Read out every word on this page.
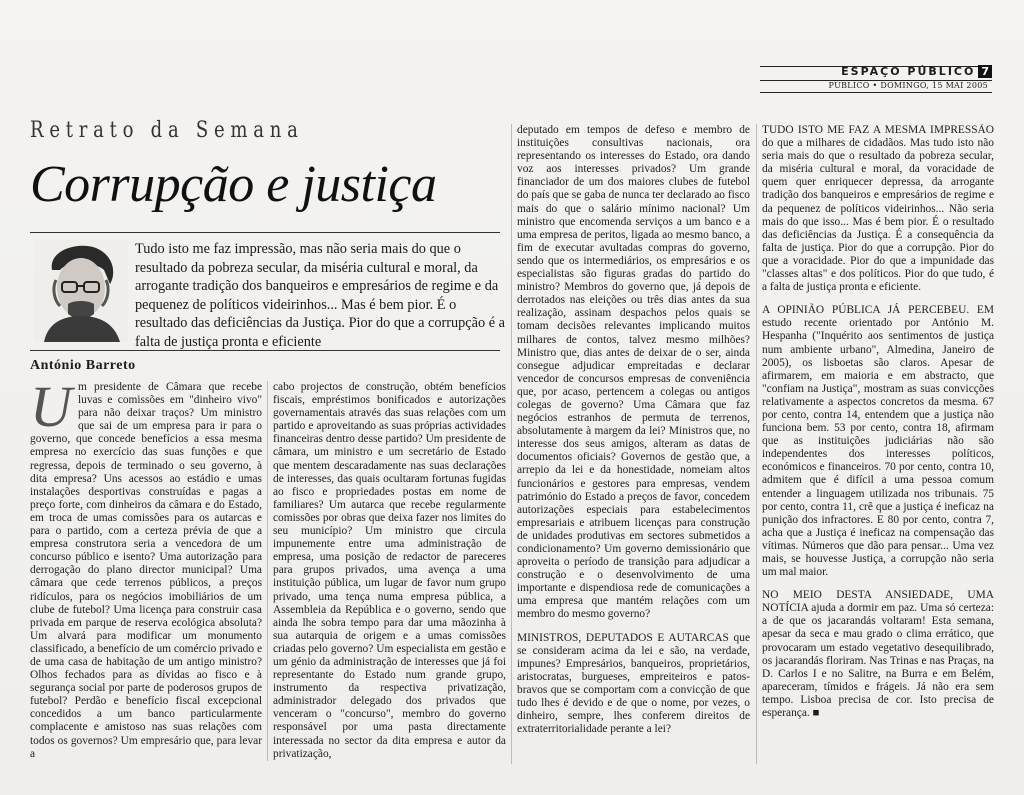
ESPAÇO PÚBLICO 7
PÚBLICO • DOMINGO, 15 MAI 2005
Retrato da Semana
Corrupção e justiça
Tudo isto me faz impressão, mas não seria mais do que o resultado da pobreza secular, da miséria cultural e moral, da arrogante tradição dos banqueiros e empresários de regime e da pequenez de políticos videirinhos... Mas é bem pior. É o resultado das deficiências da Justiça. Pior do que a corrupção é a falta de justiça pronta e eficiente
António Barreto
U m presidente de Câmara que recebe luvas e comissões em "dinheiro vivo" para não deixar traços? Um ministro que sai de um empresa para ir para o governo, que concede benefícios a essa mesma empresa no exercício das suas funções e que regressa, depois de terminado o seu governo, à dita empresa? Uns acessos ao estádio e umas instalações desportivas construídas e pagas a preço forte, com dinheiros da câmara e do Estado, em troca de umas comissões para os autarcas e para o partido, com a certeza prévia de que a empresa construtora seria a vencedora de um concurso público e isento? Uma autorização para derrogação do plano director municipal? Uma câmara que cede terrenos públicos, a preços ridículos, para os negócios imobiliários de um clube de futebol? Uma licença para construir casa privada em parque de reserva ecológica absoluta? Um alvará para modificar um monumento classificado, a benefício de um comércio privado e de uma casa de habitação de um antigo ministro? Olhos fechados para as dívidas ao fisco e à segurança social por parte de poderosos grupos de futebol? Perdão e benefício fiscal excepcional concedidos a um banco particularmente complacente e amistoso nas suas relações com todos os governos? Um empresário que, para levar a
cabo projectos de construção, obtém benefícios fiscais, empréstimos bonificados e autorizações governamentais através das suas relações com um partido e aproveitando as suas próprias actividades financeiras dentro desse partido? Um presidente de câmara, um ministro e um secretário de Estado que mentem descaradamente nas suas declarações de interesses, das quais ocultaram fortunas fugidas ao fisco e propriedades postas em nome de familiares? Um autarca que recebe regularmente comissões por obras que deixa fazer nos limites do seu município? Um ministro que circula impunemente entre uma administração de empresa, uma posição de redactor de pareceres para grupos privados, uma avença a uma instituição pública, um lugar de favor num grupo privado, uma tença numa empresa pública, a Assembleia da República e o governo, sendo que ainda lhe sobra tempo para dar uma mãozinha à sua autarquia de origem e a umas comissões criadas pelo governo? Um especialista em gestão e um génio da administração de interesses que já foi representante do Estado num grande grupo, instrumento da respectiva privatização, administrador delegado dos privados que venceram o "concurso", membro do governo responsável por uma pasta directamente interessada no sector da dita empresa e autor da privatização,

deputado em tempos de defeso e membro de instituições consultivas nacionais, ora representando os interesses do Estado, ora dando voz aos interesses privados? Um grande financiador de um dos maiores clubes de futebol do país que se gaba de nunca ter declarado ao fisco mais do que o salário mínimo nacional? Um ministro que encomenda serviços a um banco e a uma empresa de peritos, ligada ao mesmo banco, a fim de executar avultadas compras do governo, sendo que os intermediários, os empresários e os especialistas são figuras gradas do partido do ministro? Membros do governo que, já depois de derrotados nas eleições ou três dias antes da sua realização, assinam despachos pelos quais se tomam decisões relevantes implicando muitos milhares de contos, talvez mesmo milhões? Ministro que, dias antes de deixar de o ser, ainda consegue adjudicar empreitadas e declarar vencedor de concursos empresas de conveniência que, por acaso, pertencem a colegas ou antigos colegas de governo? Uma Câmara que faz negócios estranhos de permuta de terrenos, absolutamente à margem da lei? Ministros que, no interesse dos seus amigos, alteram as datas de documentos oficiais? Governos de gestão que, a arrepio da lei e da honestidade, nomeiam altos funcionários e gestores para empresas, vendem património do Estado a preços de favor, concedem autorizações especiais para estabelecimentos empresariais e atribuem licenças para construção de unidades produtivas em sectores submetidos a condicionamento? Um governo demissionário que aproveita o período de transição para adjudicar a construção e o desenvolvimento de uma importante e dispendiosa rede de comunicações a uma empresa que mantém relações com um membro do mesmo governo?

MINISTROS, DEPUTADOS E AUTARCAS que se consideram acima da lei e são, na verdade, impunes? Empresários, banqueiros, proprietários, aristocratas, burgueses, empreiteiros e patos-bravos que se comportam com a convicção de que tudo lhes é devido e de que o nome, por vezes, o dinheiro, sempre, lhes conferem direitos de extraterritorialidade perante a lei?

TUDO ISTO ME FAZ A MESMA IMPRESSÃO do que a milhares de cidadãos. Mas tudo isto não seria mais do que o resultado da pobreza secular, da miséria cultural e moral, da voracidade de quem quer enriquecer depressa, da arrogante tradição dos banqueiros e empresários de regime e da pequenez de políticos videirinhos... Não seria mais do que isso... Mas é bem pior. É o resultado das deficiências da Justiça. É a consequência da falta de justiça. Pior do que a corrupção. Pior do que a voracidade. Pior do que a impunidade das "classes altas" e dos políticos. Pior do que tudo, é a falta de justiça pronta e eficiente.

A OPINIÃO PÚBLICA JÁ PERCEBEU. EM estudo recente orientado por António M. Hespanha ("Inquérito aos sentimentos de justiça num ambiente urbano", Almedina, Janeiro de 2005), os lisboetas são claros. Apesar de afirmarem, em maioria e em abstracto, que "confiam na Justiça", mostram as suas convicções relativamente a aspectos concretos da mesma. 67 por cento, contra 14, entendem que a justiça não funciona bem. 53 por cento, contra 18, afirmam que as instituições judiciárias não são independentes dos interesses políticos, económicos e financeiros. 70 por cento, contra 10, admitem que é difícil a uma pessoa comum entender a linguagem utilizada nos tribunais. 75 por cento, contra 11, crê que a justiça é ineficaz na punição dos infractores. E 80 por cento, contra 7, acha que a Justiça é ineficaz na compensação das vítimas. Números que dão para pensar... Uma vez mais, se houvesse Justiça, a corrupção não seria um mal maior.

NO MEIO DESTA ANSIEDADE, UMA NOTÍCIA ajuda a dormir em paz. Uma só certeza: a de que os jacarandás voltaram! Esta semana, apesar da seca e mau grado o clima errático, que provocaram um estado vegetativo desequilibrado, os jacarandás floriram. Nas Trinas e nas Praças, na D. Carlos I e no Salitre, na Burra e em Belém, apareceram, tímidos e frágeis. Já não era sem tempo. Lisboa precisa de cor. Isto precisa de esperança. ■
